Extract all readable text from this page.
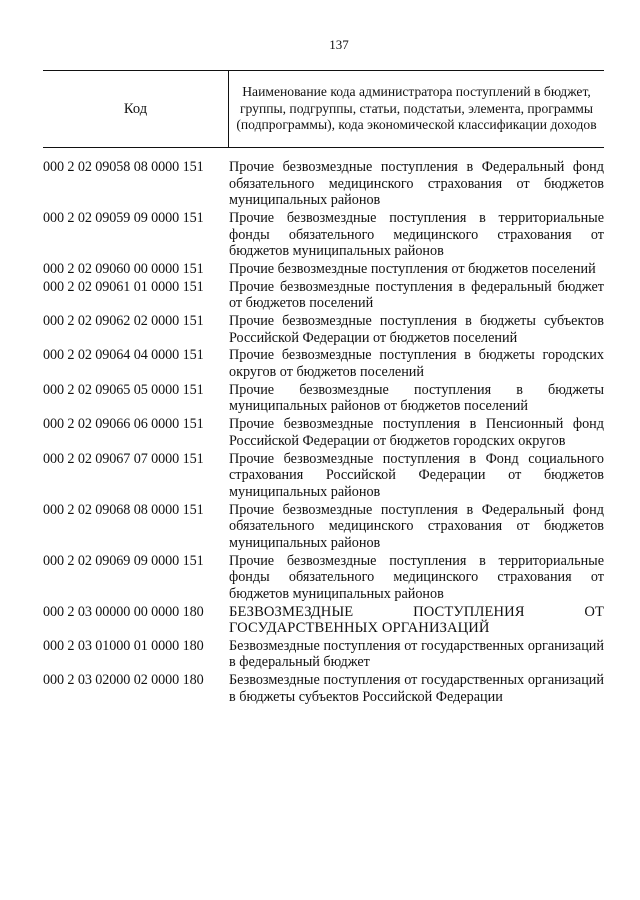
137
Код
Наименование кода администратора поступлений в бюджет, группы, подгруппы, статьи, подстатьи, элемента, программы (подпрограммы), кода экономической классификации доходов
000 2 02 09058 08 0000 151	Прочие безвозмездные поступления в Федеральный фонд обязательного медицинского страхования от бюджетов муниципальных районов
000 2 02 09059 09 0000 151	Прочие безвозмездные поступления в территориальные фонды обязательного медицинского страхования от бюджетов муниципальных районов
000 2 02 09060 00 0000 151	Прочие безвозмездные поступления от бюджетов поселений
000 2 02 09061 01 0000 151	Прочие безвозмездные поступления в федеральный бюджет от бюджетов поселений
000 2 02 09062 02 0000 151	Прочие безвозмездные поступления в бюджеты субъектов Российской Федерации от бюджетов поселений
000 2 02 09064 04 0000 151	Прочие безвозмездные поступления в бюджеты городских округов от бюджетов поселений
000 2 02 09065 05 0000 151	Прочие безвозмездные поступления в бюджеты муниципальных районов от бюджетов поселений
000 2 02 09066 06 0000 151	Прочие безвозмездные поступления в Пенсионный фонд Российской Федерации от бюджетов городских округов
000 2 02 09067 07 0000 151	Прочие безвозмездные поступления в Фонд социального страхования Российской Федерации от бюджетов муниципальных районов
000 2 02 09068 08 0000 151	Прочие безвозмездные поступления в Федеральный фонд обязательного медицинского страхования от бюджетов муниципальных районов
000 2 02 09069 09 0000 151	Прочие безвозмездные поступления в территориальные фонды обязательного медицинского страхования от бюджетов муниципальных районов
000 2 03 00000 00 0000 180	БЕЗВОЗМЕЗДНЫЕ ПОСТУПЛЕНИЯ ОТ ГОСУДАРСТВЕННЫХ ОРГАНИЗАЦИЙ
000 2 03 01000 01 0000 180	Безвозмездные поступления от государственных организаций в федеральный бюджет
000 2 03 02000 02 0000 180	Безвозмездные поступления от государственных организаций в бюджеты субъектов Российской Федерации
